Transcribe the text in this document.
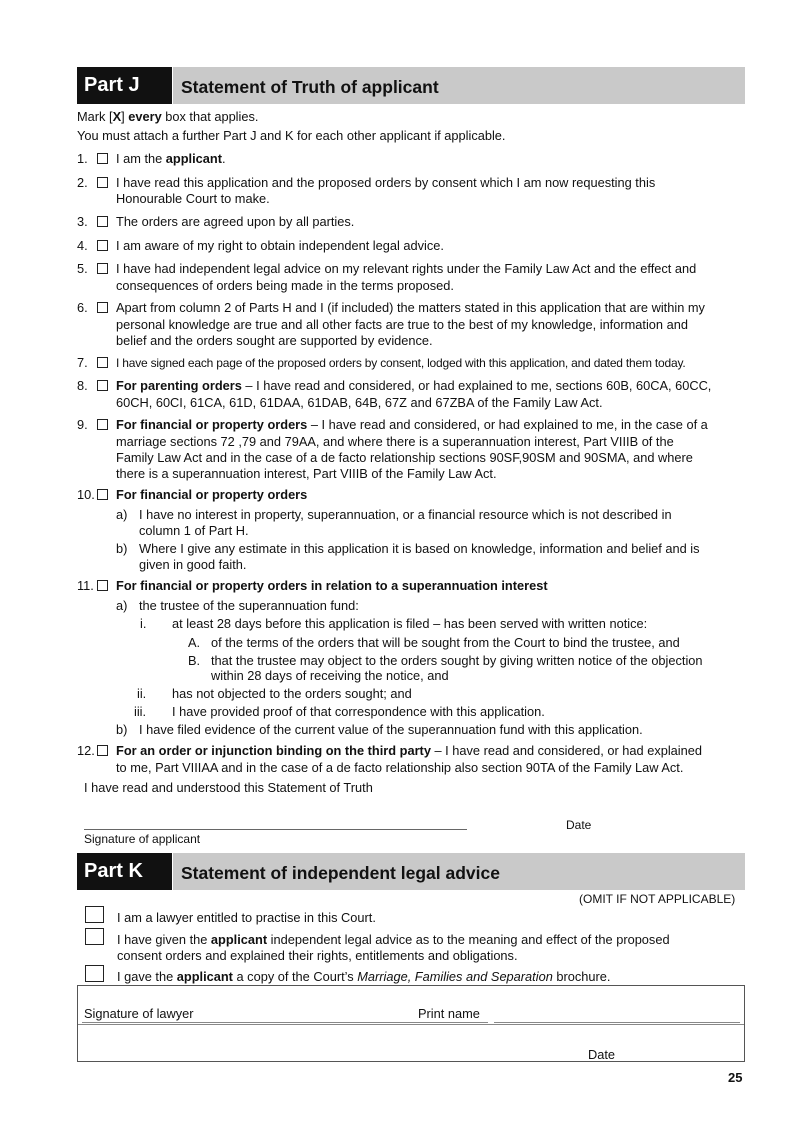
Part J	Statement of Truth of applicant
Mark [X] every box that applies.
You must attach a further Part J and K for each other applicant if applicable.
1. I am the applicant.
2. I have read this application and the proposed orders by consent which I am now requesting this
Honourable Court to make.
3. The orders are agreed upon by all parties.
4. I am aware of my right to obtain independent legal advice.
5. I have had independent legal advice on my relevant rights under the Family Law Act and the effect and
consequences of orders being made in the terms proposed.
6. Apart from column 2 of Parts H and I (if included) the matters stated in this application that are within my
personal knowledge are true and all other facts are true to the best of my knowledge, information and
belief and the orders sought are supported by evidence.
7. I have signed each page of the proposed orders by consent, lodged with this application, and dated them today.
8. For parenting orders – I have read and considered, or had explained to me, sections 60B, 60CA, 60CC,
60CH, 60CI, 61CA, 61D, 61DAA, 61DAB, 64B, 67Z and 67ZBA of the Family Law Act.
9. For financial or property orders – I have read and considered, or had explained to me, in the case of a
marriage sections 72 ,79 and 79AA, and where there is a superannuation interest, Part VIIIB of the
Family Law Act and in the case of a de facto relationship sections 90SF,90SM and 90SMA, and where
there is a superannuation interest, Part VIIIB of the Family Law Act.
10. For financial or property orders
a) I have no interest in property, superannuation, or a financial resource which is not described in
column 1 of Part H.
b) Where I give any estimate in this application it is based on knowledge, information and belief and is
given in good faith.
11. For financial or property orders in relation to a superannuation interest
a) the trustee of the superannuation fund:
i. at least 28 days before this application is filed – has been served with written notice:
A. of the terms of the orders that will be sought from the Court to bind the trustee, and
B. that the trustee may object to the orders sought by giving written notice of the objection
within 28 days of receiving the notice, and
ii. has not objected to the orders sought; and
iii. I have provided proof of that correspondence with this application.
b) I have filed evidence of the current value of the superannuation fund with this application.
12. For an order or injunction binding on the third party – I have read and considered, or had explained
to me, Part VIIIAA and in the case of a de facto relationship also section 90TA of the Family Law Act.
I have read and understood this Statement of Truth
Signature of applicant
Date
Part K	Statement of independent legal advice
(OMIT IF NOT APPLICABLE)
I am a lawyer entitled to practise in this Court.
I have given the applicant independent legal advice as to the meaning and effect of the proposed
consent orders and explained their rights, entitlements and obligations.
I gave the applicant a copy of the Court’s Marriage, Families and Separation brochure.
Signature of lawyer	Print name
Date
25
